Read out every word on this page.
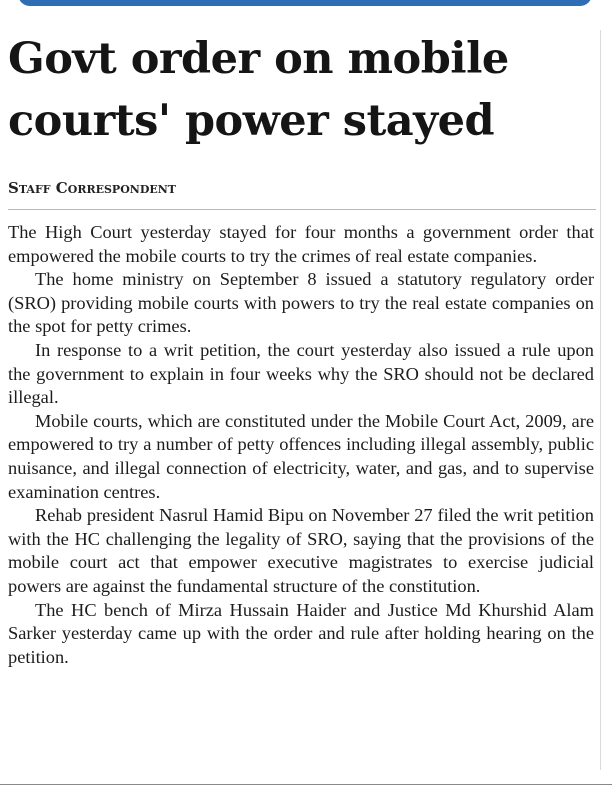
Govt order on mobile courts' power stayed
Staff Correspondent

The High Court yesterday stayed for four months a government order that empowered the mobile courts to try the crimes of real estate companies.

The home ministry on September 8 issued a statutory regulatory order (SRO) providing mobile courts with powers to try the real estate companies on the spot for petty crimes.

In response to a writ petition, the court yesterday also issued a rule upon the government to explain in four weeks why the SRO should not be declared illegal.

Mobile courts, which are constituted under the Mobile Court Act, 2009, are empowered to try a number of petty offences including illegal assembly, public nuisance, and illegal connection of electricity, water, and gas, and to supervise examination centres.

Rehab president Nasrul Hamid Bipu on November 27 filed the writ petition with the HC challenging the legality of SRO, saying that the provisions of the mobile court act that empower executive magistrates to exercise judicial powers are against the fundamental structure of the constitution.

The HC bench of Mirza Hussain Haider and Justice Md Khurshid Alam Sarker yesterday came up with the order and rule after holding hearing on the petition.
